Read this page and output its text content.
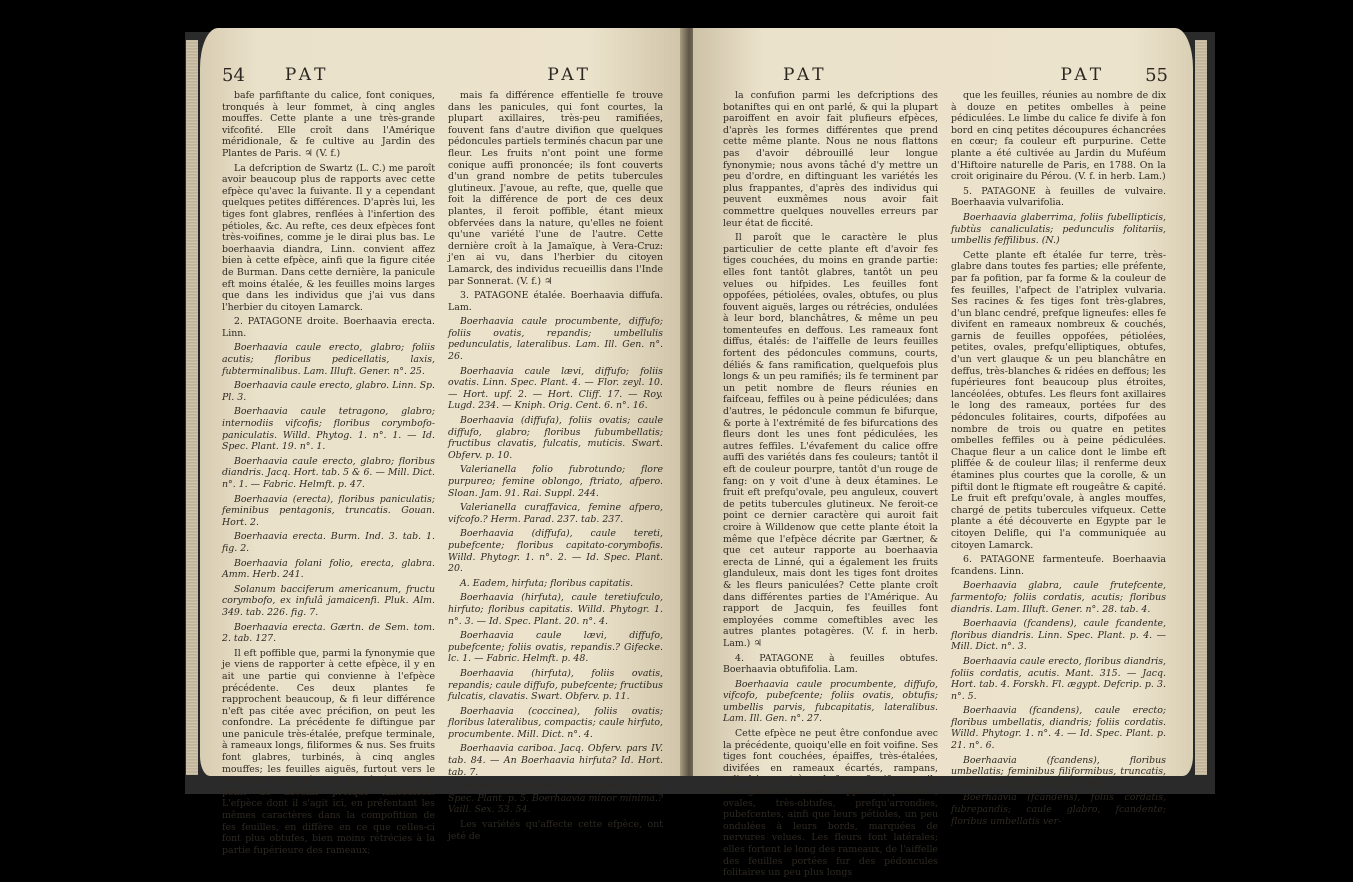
54 PAT	PAT

bafe parfiftante du calice, font coniques, tronqués à leur fommet, à cinq angles mouffes. Cette plante a une très-grande vifcofité. Elle croît dans l'Amérique méridionale, & fe cultive au Jardin des Plantes de Paris. ♃ (V. f.)

La defcription de Swartz (L. C.) me paroît avoir beaucoup plus de rapports avec cette efpèce qu'avec la fuivante. Il y a cependant quelques petites différences. D'après lui, les tiges font glabres, renflées à l'infertion des pétioles, &c. Au refte, ces deux efpèces font très-voifines, comme je le dirai plus bas. Le boerhaavia diandra, Linn. convient affez bien à cette efpèce, ainfi que la figure citée de Burman. Dans cette dernière, la panicule eft moins étalée, & les feuilles moins larges que dans les individus que j'ai vus dans l'herbier du citoyen Lamarck.

2. PATAGONE droite. Boerhaavia erecta. Linn.

Boerhaavia caule erecto, glabro; foliis acutis; floribus pedicellatis, laxis, fubterminalibus. Lam. Illuft. Gener. n°. 25.

Boerhaavia caule erecto, glabro. Linn. Sp. Pl. 3.

Boerhaavia caule tetragono, glabro; internodiis vifcofis; floribus corymbofo-paniculatis. Willd. Phytog. 1. n°. 1. — Id. Spec. Plant. 19. n°. 1.

Boerhaavia caule erecto, glabro; floribus diandris. Jacq. Hort. tab. 5 & 6. — Mill. Dict. n°. 1. — Fabric. Helmft. p. 47.

Boerhaavia (erecta), floribus paniculatis; feminibus pentagonis, truncatis. Gouan. Hort. 2.

Boerhaavia erecta. Burm. Ind. 3. tab. 1. fig. 2.

Boerhaavia folani folio, erecta, glabra. Amm. Herb. 241.

Solanum bacciferum americanum, fructu corymbofo, ex infulâ jamaicenfi. Pluk. Alm. 349. tab. 226. fig. 7.

Boerhaavia erecta. Gærtn. de Sem. tom. 2. tab. 127.

Il eft poffible que, parmi la fynonymie que je viens de rapporter à cette efpèce, il y en ait une partie qui convienne à l'efpèce précédente. Ces deux plantes fe rapprochent beaucoup, & fi leur différence n'eft pas citée avec précifion, on peut les confondre. La précédente fe diftingue par une panicule très-étalée, prefque terminale, à rameaux longs, filiformes & nus. Ses fruits font glabres, turbinés, à cinq angles mouffes; les feuilles aiguës, furtout vers le haut des tiges, où elles fe rétréciffent au point de devenir prefque lancéolées. L'efpèce dont il s'agit ici, en préfentant les mêmes caractères dans la compofition de fes feuilles, en diffère en ce que celles-ci font plus obtufes, bien moins rétrécies à la partie fupérieure des rameaux;

mais fa différence effentielle fe trouve dans les panicules, qui font courtes, la plupart axillaires, très-peu ramifiées, fouvent fans d'autre divifion que quelques pédoncules partiels terminés chacun par une fleur. Les fruits n'ont point une forme conique auffi prononcée; ils font couverts d'un grand nombre de petits tubercules glutineux. J'avoue, au refte, que, quelle que foit la différence de port de ces deux plantes, il feroit poffible, étant mieux obfervées dans la nature, qu'elles ne foient qu'une variété l'une de l'autre. Cette dernière croît à la Jamaïque, à Vera-Cruz: j'en ai vu, dans l'herbier du citoyen Lamarck, des individus recueillis dans l'Inde par Sonnerat. (V. f.) ♃

3. PATAGONE étalée. Boerhaavia diffufa. Lam.

Boerhaavia caule procumbente, diffufo; foliis ovatis, repandis; umbellulis pedunculatis, lateralibus. Lam. Ill. Gen. n°. 26.

Boerhaavia caule lævi, diffufo; foliis ovatis. Linn. Spec. Plant. 4. — Flor. zeyl. 10. — Hort. upf. 2. — Hort. Cliff. 17. — Roy. Lugd. 234. — Kniph. Orig. Cent. 6. n°. 16.

Boerhaavia (diffufa), foliis ovatis; caule diffufo, glabro; floribus fubumbellatis; fructibus clavatis, fulcatis, muticis. Swart. Obferv. p. 10.

Valerianella folio fubrotundo; flore purpureo; femine oblongo, ftriato, afpero. Sloan. Jam. 91. Rai. Suppl. 244.

Valerianella curaffavica, femine afpero, vifcofo.? Herm. Parad. 237. tab. 237.

Boerhaavia (diffufa), caule tereti, pubefcente; floribus capitato-corymbofis. Willd. Phytogr. 1. n°. 2. — Id. Spec. Plant. 20.

A. Eadem, hirfuta; floribus capitatis.

Boerhaavia (hirfuta), caule teretiufculo, hirfuto; floribus capitatis. Willd. Phytogr. 1. n°. 3. — Id. Spec. Plant. 20. n°. 4.

Boerhaavia caule lævi, diffufo, pubefcente; foliis ovatis, repandis.? Gifecke. lc. 1. — Fabric. Helmft. p. 48.

Boerhaavia (hirfuta), foliis ovatis, repandis; caule diffufo, pubefcente; fructibus fulcatis, clavatis. Swart. Obferv. p. 11.

Boerhaavia (coccinea), foliis ovatis; floribus lateralibus, compactis; caule hirfuto, procumbente. Mill. Dict. n°. 4.

Boerhaavia cariboa. Jacq. Obferv. pars IV. tab. 84. — An Boerhaavia hirfuta? Id. Hort. tab. 7.

Boerhaavia (repens), caule repente.? Linn. Spec. Plant. p. 5. Boerhaavia minor minima.? Vaill. Sex. 53. 54.

Les variétés qu'affecte cette efpèce, ont jeté de

PAT	PAT 55

la confufion parmi les defcriptions des botaniftes qui en ont parlé, & qui la plupart paroiffent en avoir fait plufieurs efpèces, d'après les formes différentes que prend cette même plante. Nous ne nous flattons pas d'avoir débrouillé leur longue fynonymie; nous avons tâché d'y mettre un peu d'ordre, en diftinguant les variétés les plus frappantes, d'après des individus qui peuvent euxmêmes nous avoir fait commettre quelques nouvelles erreurs par leur état de ficcité.

Il paroît que le caractère le plus particulier de cette plante eft d'avoir fes tiges couchées, du moins en grande partie: elles font tantôt glabres, tantôt un peu velues ou hifpides. Les feuilles font oppofées, pétiolées, ovales, obtufes, ou plus fouvent aiguës, larges ou rétrécies, ondulées à leur bord, blanchâtres, & même un peu tomenteufes en deffous. Les rameaux font diffus, étalés: de l'aiffelle de leurs feuilles fortent des pédoncules communs, courts, déliés & fans ramification, quelquefois plus longs & un peu ramifiés; ils fe terminent par un petit nombre de fleurs réunies en faifceau, feffiles ou à peine pédiculées; dans d'autres, le pédoncule commun fe bifurque, & porte à l'extrémité de fes bifurcations des fleurs dont les unes font pédiculées, les autres feffiles. L'évafement du calice offre auffi des variétés dans fes couleurs; tantôt il eft de couleur pourpre, tantôt d'un rouge de fang: on y voit d'une à deux étamines. Le fruit eft prefqu'ovale, peu anguleux, couvert de petits tubercules glutineux. Ne feroit-ce point ce dernier caractère qui auroit fait croire à Willdenow que cette plante étoit la même que l'efpèce décrite par Gærtner, & que cet auteur rapporte au boerhaavia erecta de Linné, qui a également les fruits glanduleux, mais dont les tiges font droites & les fleurs paniculées? Cette plante croît dans différentes parties de l'Amérique. Au rapport de Jacquin, fes feuilles font employées comme comeftibles avec les autres plantes potagères. (V. f. in herb. Lam.) ♃

4. PATAGONE à feuilles obtufes. Boerhaavia obtufifolia. Lam.

Boerhaavia caule procumbente, diffufo, vifcofo, pubefcente; foliis ovatis, obtufis; umbellis parvis, fubcapitatis, lateralibus. Lam. Ill. Gen. n°. 27.

Cette efpèce ne peut être confondue avec la précédente, quoiqu'elle en foit voifine. Ses tiges font couchées, épaiffes, très-étalées, divifées en rameaux écartés, rampans, cylindriques, très-pubefcens & vifqueux: ils font garnis de feuilles oppofées, pétiolées, ovales, très-obtufes, prefqu'arrondies, pubefcentes, ainfi que leurs pétioles, un peu ondulées à leurs bords, marquées de nervures velues. Les fleurs font latérales; elles fortent le long des rameaux, de l'aiffelle des feuilles portées fur des pédoncules folitaires un peu plus longs

que les feuilles, réunies au nombre de dix à douze en petites ombelles à peine pédiculées. Le limbe du calice fe divife à fon bord en cinq petites découpures échancrées en cœur; fa couleur eft purpurine. Cette plante a été cultivée au Jardin du Muféum d'Hiftoire naturelle de Paris, en 1788. On la croit originaire du Pérou. (V. f. in herb. Lam.)

5. PATAGONE à feuilles de vulvaire. Boerhaavia vulvarifolia.

Boerhaavia glaberrima, foliis fubellipticis, fubtùs canaliculatis; pedunculis folitariis, umbellis feffilibus. (N.)

Cette plante eft étalée fur terre, très-glabre dans toutes fes parties; elle préfente, par fa pofition, par fa forme & la couleur de fes feuilles, l'afpect de l'atriplex vulvaria. Ses racines & fes tiges font très-glabres, d'un blanc cendré, prefque ligneufes: elles fe divifent en rameaux nombreux & couchés, garnis de feuilles oppofées, pétiolées, petites, ovales, prefqu'elliptiques, obtufes, d'un vert glauque & un peu blanchâtre en deffus, très-blanches & ridées en deffous; les fupérieures font beaucoup plus étroites, lancéolées, obtufes. Les fleurs font axillaires le long des rameaux, portées fur des pédoncules folitaires, courts, difpofées au nombre de trois ou quatre en petites ombelles feffiles ou à peine pédiculées. Chaque fleur a un calice dont le limbe eft pliffée & de couleur lilas; il renferme deux étamines plus courtes que la corolle, & un piftil dont le ftigmate eft rougeâtre & capité. Le fruit eft prefqu'ovale, à angles mouffes, chargé de petits tubercules vifqueux. Cette plante a été découverte en Egypte par le citoyen Delifle, qui l'a communiquée au citoyen Lamarck.

6. PATAGONE farmenteufe. Boerhaavia fcandens. Linn.

Boerhaavia glabra, caule frutefcente, farmentofo; foliis cordatis, acutis; floribus diandris. Lam. Illuft. Gener. n°. 28. tab. 4.

Boerhaavia (fcandens), caule fcandente, floribus diandris. Linn. Spec. Plant. p. 4. — Mill. Dict. n°. 3.

Boerhaavia caule erecto, floribus diandris, foliis cordatis, acutis. Mant. 315. — Jacq. Hort. tab. 4. Forskh. Fl. ægypt. Defcrip. p. 3. n°. 5.

Boerhaavia (fcandens), caule erecto; floribus umbellatis, diandris; foliis cordatis. Willd. Phytogr. 1. n°. 4. — Id. Spec. Plant. p. 21. n°. 6.

Boerhaavia (fcandens), floribus umbellatis; feminibus filiformibus, truncatis, apice tuberculatis. Gouan. Hort. 2.

Boerhaavia (fcandens), foliis cordatis, fubrepandis; caule glabro, fcandente; floribus umbellatis ver-
